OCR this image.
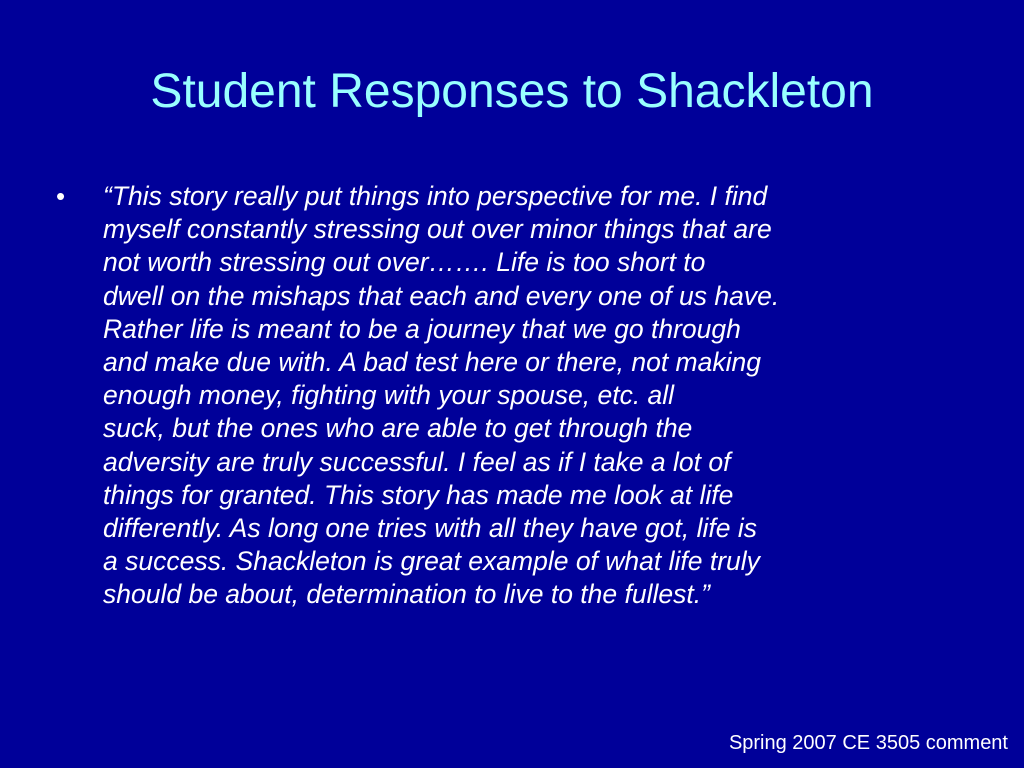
Student Responses to Shackleton
• “This story really put things into perspective for me. I find
myself constantly stressing out over minor things that are
not worth stressing out over……. Life is too short to
dwell on the mishaps that each and every one of us have.
Rather life is meant to be a journey that we go through
and make due with. A bad test here or there, not making
enough money, fighting with your spouse, etc. all
suck, but the ones who are able to get through the
adversity are truly successful. I feel as if I take a lot of
things for granted. This story has made me look at life
differently. As long one tries with all they have got, life is
a success. Shackleton is great example of what life truly
should be about, determination to live to the fullest.”
Spring 2007 CE 3505 comment
